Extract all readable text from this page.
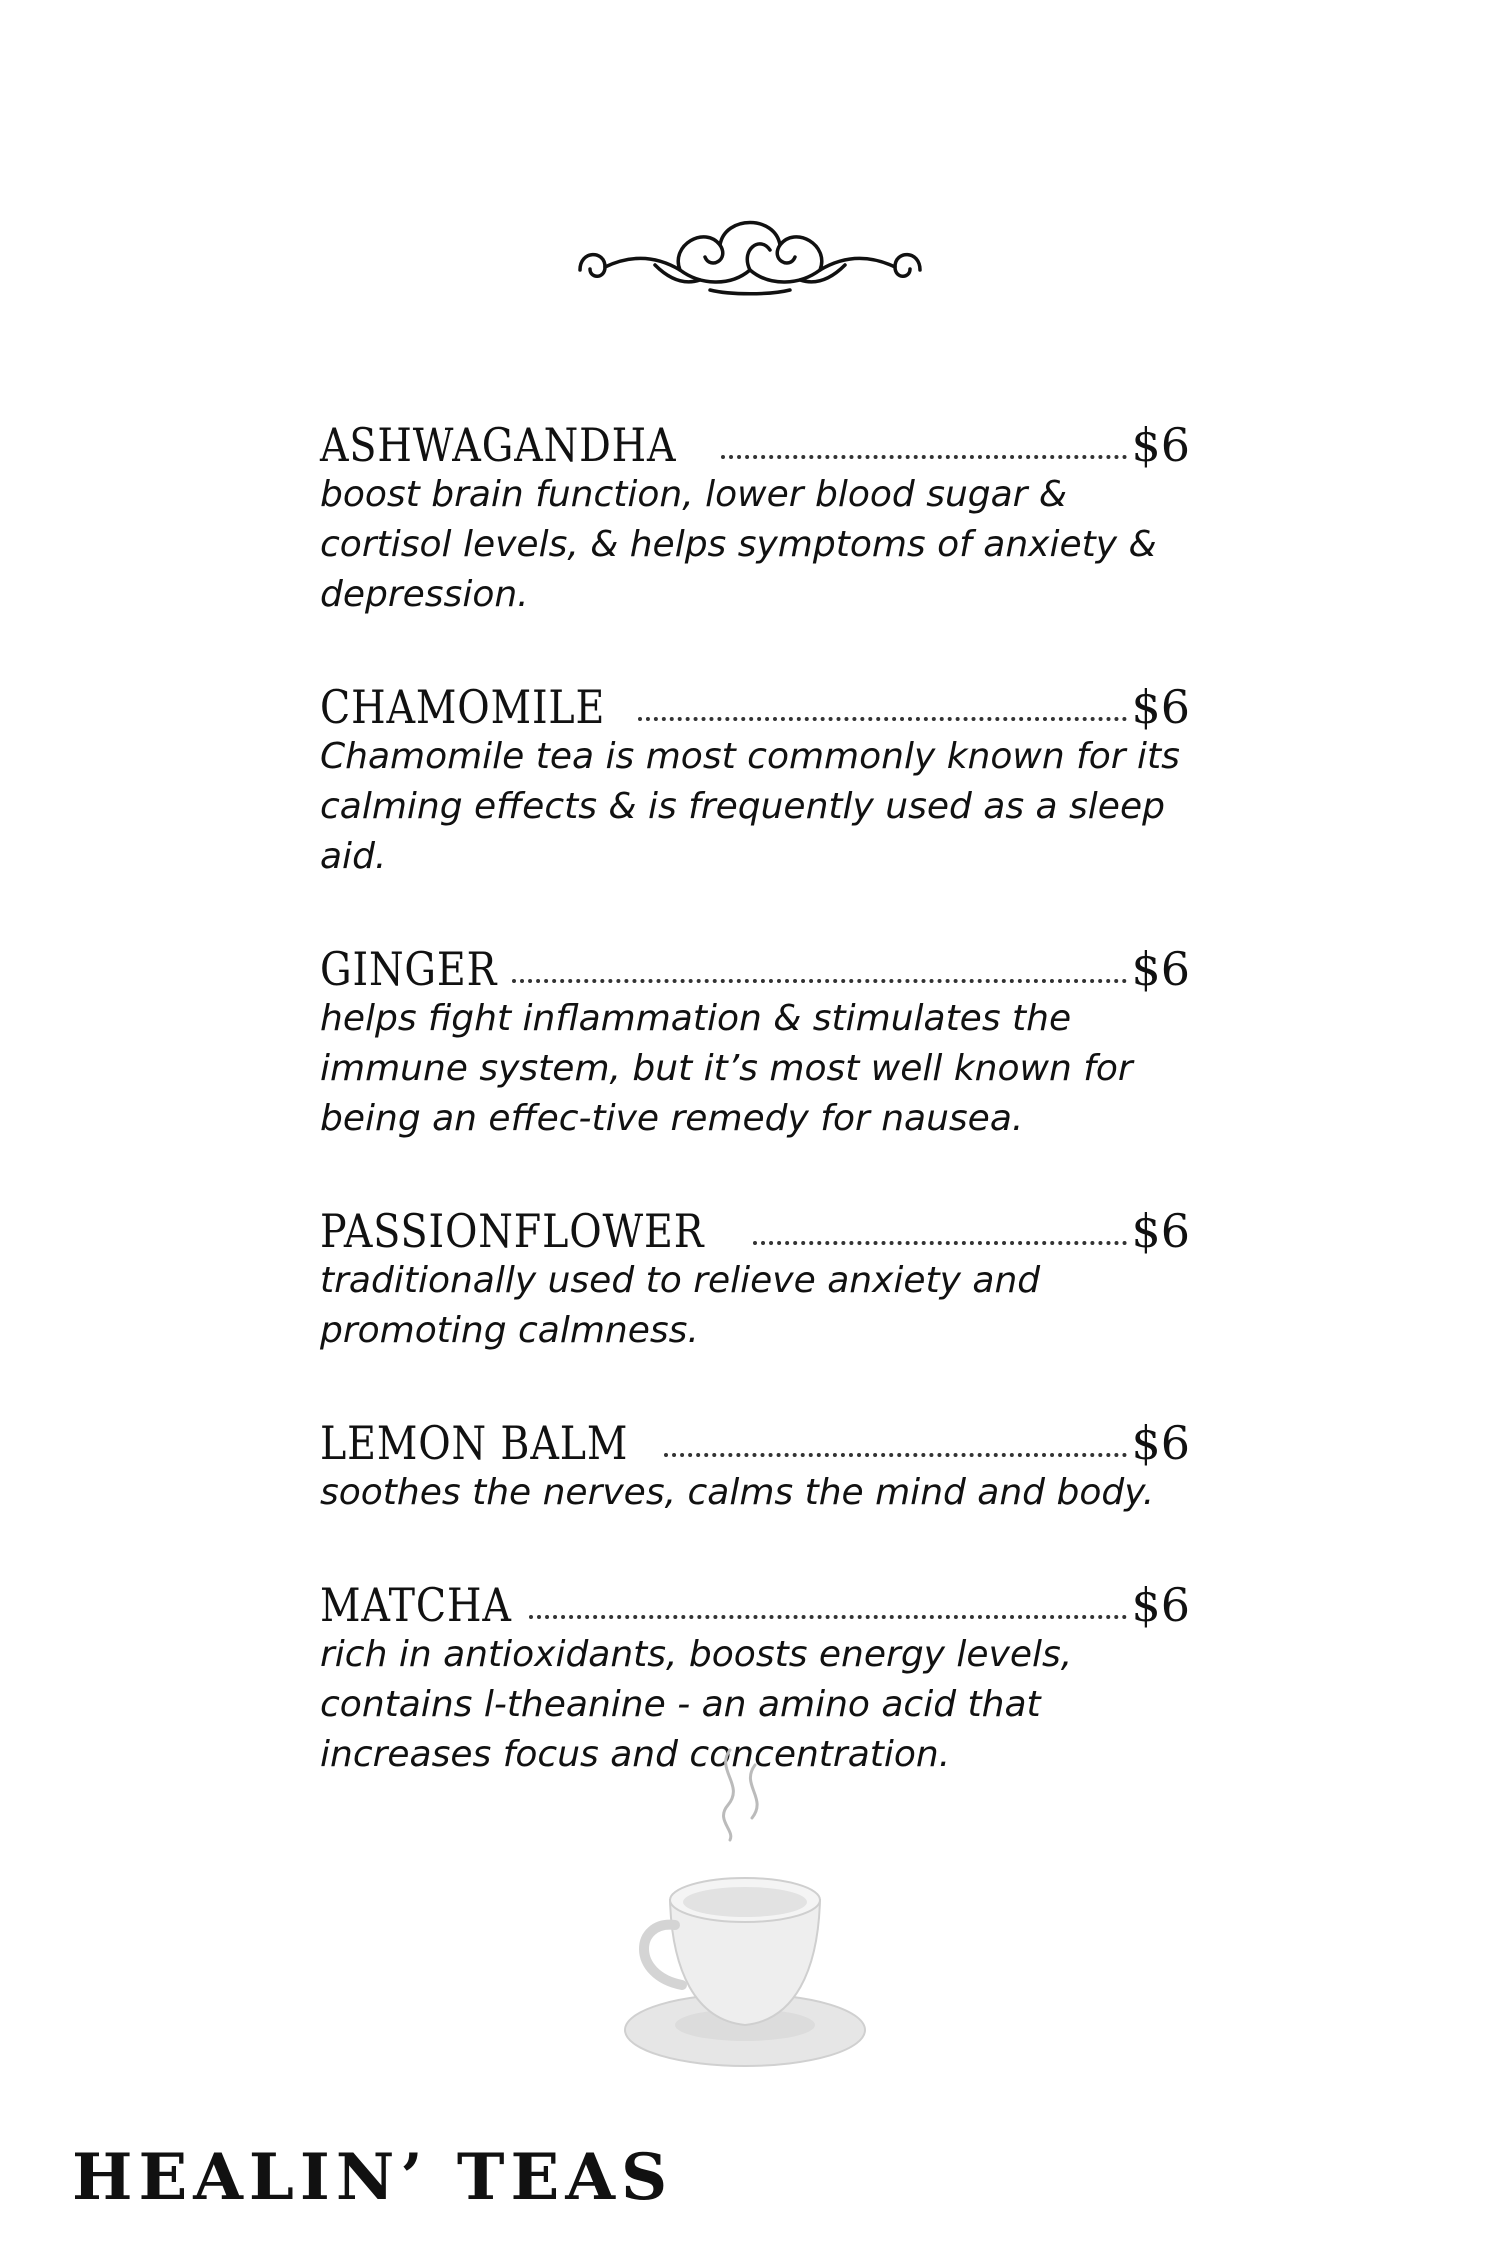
ASHWAGANDHA	$6
boost brain function, lower blood sugar & cortisol levels, & helps symptoms of anxiety & depression.
CHAMOMILE	$6
Chamomile tea is most commonly known for its calming effects & is frequently used as a sleep aid.
GINGER	$6
helps fight inflammation & stimulates the immune system, but it’s most well known for being an effec-tive remedy for nausea.
PASSIONFLOWER	$6
traditionally used to relieve anxiety and promoting calmness.
LEMON BALM	$6
soothes the nerves, calms the mind and body.
MATCHA	$6
rich in antioxidants, boosts energy levels, contains l-theanine - an amino acid that increases focus and concentration.
HEALIN’ TEAS
